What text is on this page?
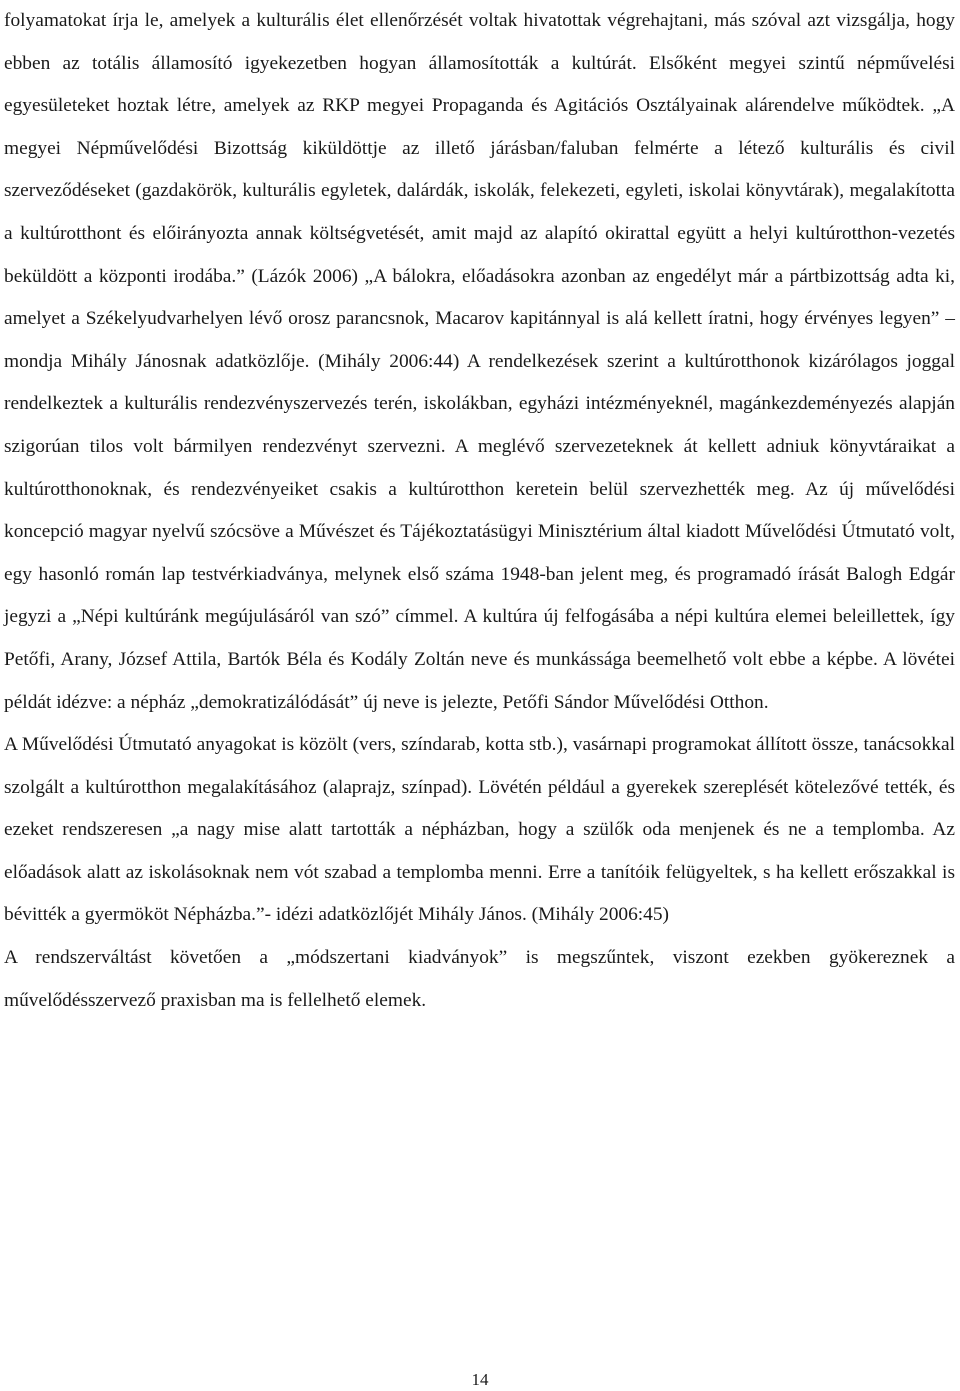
folyamatokat írja le, amelyek a kulturális élet ellenőrzését voltak hivatottak végrehajtani, más szóval azt vizsgálja, hogy ebben az totális államosító igyekezetben hogyan államosították a kultúrát. Elsőként megyei szintű népművelési egyesületeket hoztak létre, amelyek az RKP megyei Propaganda és Agitációs Osztályainak alárendelve működtek. „A megyei Népművelődési Bizottság kiküldöttje az illető járásban/faluban felmérte a létező kulturális és civil szerveződéseket (gazdakörök, kulturális egyletek, dalárdák, iskolák, felekezeti, egyleti, iskolai könyvtárak), megalakította a kultúrotthont és előirányozta annak költségvetését, amit majd az alapító okirattal együtt a helyi kultúrotthon-vezetés beküldött a központi irodába.” (Lázók 2006) „A bálokra, előadásokra azonban az engedélyt már a pártbizottság adta ki, amelyet a Székelyudvarhelyen lévő orosz parancsnok, Macarov kapitánnyal is alá kellett íratni, hogy érvényes legyen” –mondja Mihály Jánosnak adatközlője. (Mihály 2006:44) A rendelkezések szerint a kultúrotthonok kizárólagos joggal rendelkeztek a kulturális rendezvényszervezés terén, iskolákban, egyházi intézményeknél, magánkezdeményezés alapján szigorúan tilos volt bármilyen rendezvényt szervezni. A meglévő szervezeteknek át kellett adniuk könyvtáraikat a kultúrotthonoknak, és rendezvényeiket csakis a kultúrotthon keretein belül szervezhették meg. Az új művelődési koncepció magyar nyelvű szócsöve a Művészet és Tájékoztatásügyi Minisztérium által kiadott Művelődési Útmutató volt, egy hasonló román lap testvérkiadványa, melynek első száma 1948-ban jelent meg, és programadó írását Balogh Edgár jegyzi a „Népi kultúránk megújulásáról van szó” címmel. A kultúra új felfogásába a népi kultúra elemei beleillettek, így Petőfi, Arany, József Attila, Bartók Béla és Kodály Zoltán neve és munkássága beemelhető volt ebbe a képbe. A lövétei példát idézve: a népház „demokratizálódását” új neve is jelezte, Petőfi Sándor Művelődési Otthon.

A Művelődési Útmutató anyagokat is közölt (vers, színdarab, kotta stb.), vasárnapi programokat állított össze, tanácsokkal szolgált a kultúrotthon megalakításához (alaprajz, színpad). Lövétén például a gyerekek szereplését kötelezővé tették, és ezeket rendszeresen „a nagy mise alatt tartották a népházban, hogy a szülők oda menjenek és ne a templomba. Az előadások alatt az iskolásoknak nem vót szabad a templomba menni. Erre a tanítóik felügyeltek, s ha kellett erőszakkal is bévitték a gyermököt Népházba.”- idézi adatközlőjét Mihály János. (Mihály 2006:45)

A rendszerváltást követően a „módszertani kiadványok” is megszűntek, viszont ezekben gyökereznek a művelődésszervező praxisban ma is fellelhető elemek.

14
